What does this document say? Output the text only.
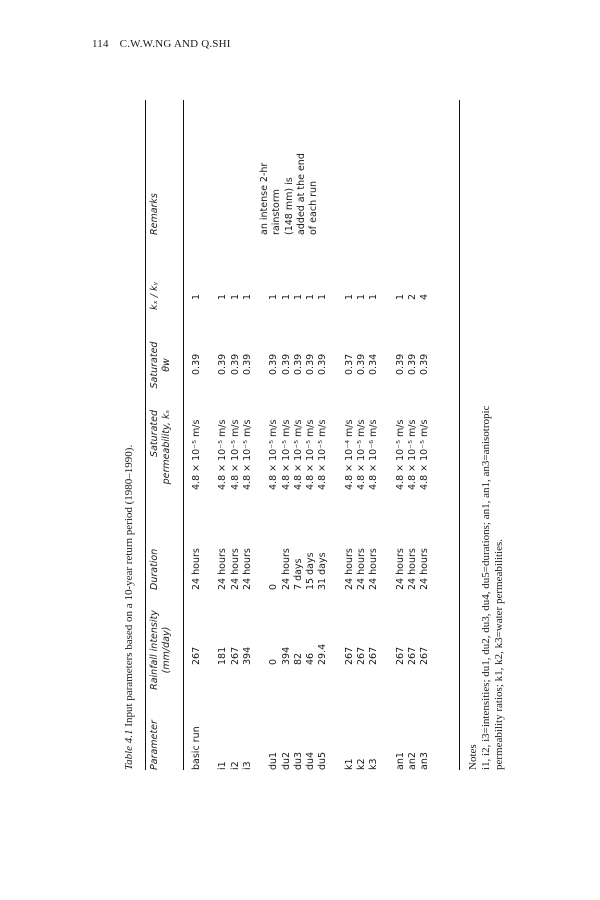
114 C.W.W.NG AND Q.SHI
Table 4.1 Input parameters based on a 10-year return period (1980–1990).
Parameter
Rainfall intensity (mm/day)
Duration
Saturated permeability, kₛ
Saturated θw
kₓ / kᵧ
Remarks
basic run
267
24 hours
4.8 × 10⁻⁵ m/s
0.39
1
i1
181
24 hours
4.8 × 10⁻⁵ m/s
0.39
1
i2
267
24 hours
4.8 × 10⁻⁵ m/s
0.39
1
i3
394
24 hours
4.8 × 10⁻⁵ m/s
0.39
1
du1
0
0
4.8 × 10⁻⁵ m/s
0.39
1
du2
394
24 hours
4.8 × 10⁻⁵ m/s
0.39
1
du3
82
7 days
4.8 × 10⁻⁵ m/s
0.39
1
du4
46
15 days
4.8 × 10⁻⁵ m/s
0.39
1
du5
29.4
31 days
4.8 × 10⁻⁵ m/s
0.39
1
k1
267
24 hours
4.8 × 10⁻⁴ m/s
0.37
1
k2
267
24 hours
4.8 × 10⁻⁵ m/s
0.39
1
k3
267
24 hours
4.8 × 10⁻⁶ m/s
0.34
1
an1
267
24 hours
4.8 × 10⁻⁵ m/s
0.39
1
an2
267
24 hours
4.8 × 10⁻⁵ m/s
0.39
2
an3
267
24 hours
4.8 × 10⁻⁵ m/s
0.39
4
an intense 2-hr rainstorm (148 mm) is added at the end of each run
Notes i1, i2, i3=intensities; du1, du2, du3, du4, du5=durations; an1, an1, an3=anisotropic permeability ratios; k1, k2, k3=water permeabilities.
